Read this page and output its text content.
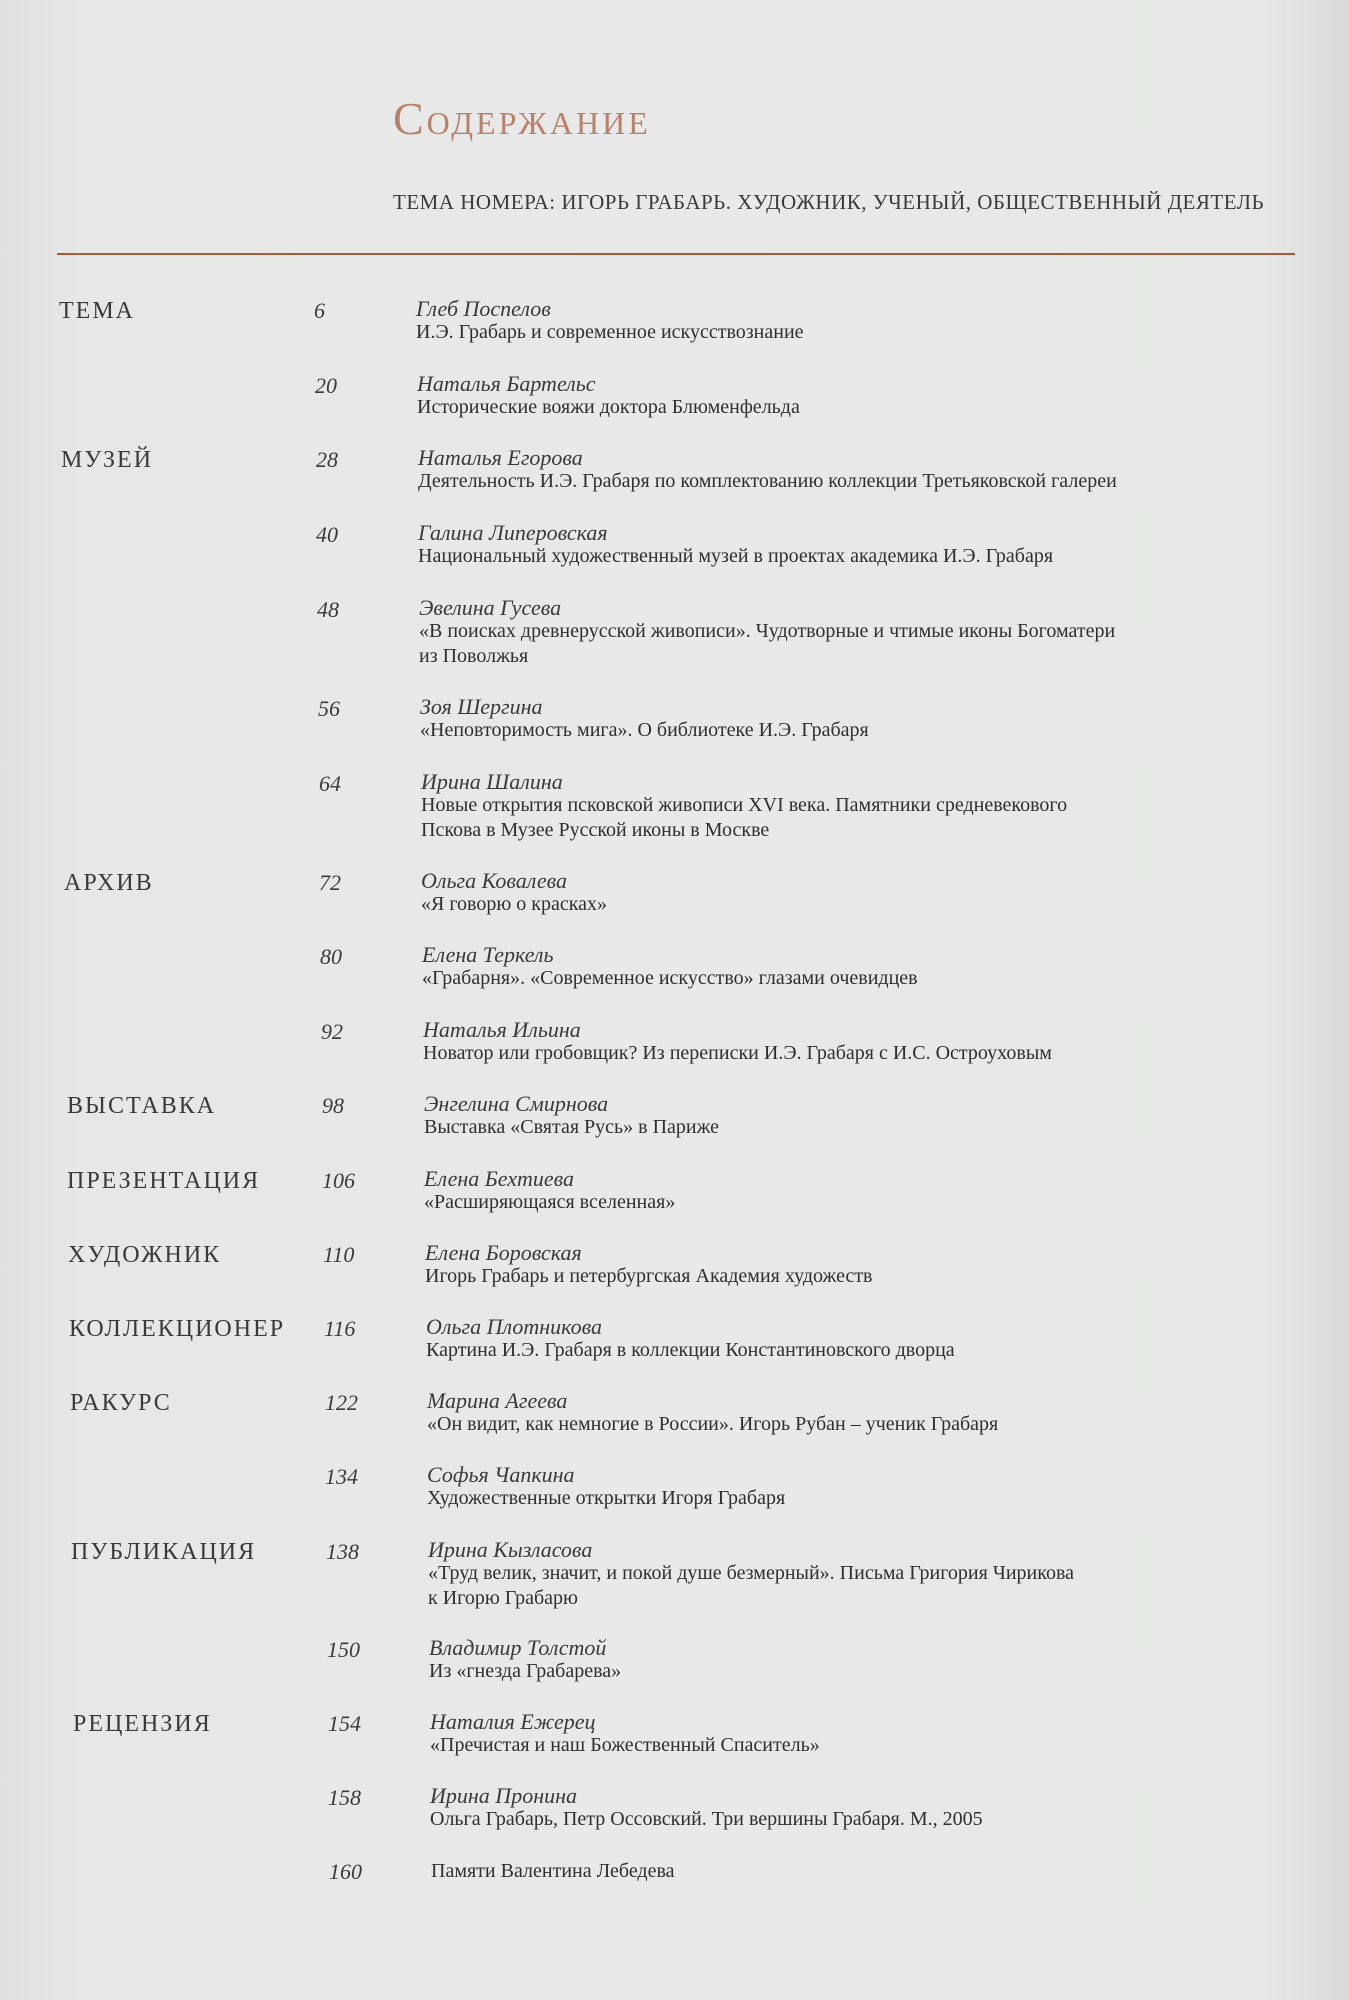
Содержание
ТЕМА НОМЕРА: ИГОРЬ ГРАБАРЬ. ХУДОЖНИК, УЧЕНЫЙ, ОБЩЕСТВЕННЫЙ ДЕЯТЕЛЬ
ТЕМА	6	Глеб Поспелов
И.Э. Грабарь и современное искусствознание
20	Наталья Бартельс
Исторические вояжи доктора Блюменфельда
МУЗЕЙ	28	Наталья Егорова
Деятельность И.Э. Грабаря по комплектованию коллекции Третьяковской галереи
40	Галина Липеровская
Национальный художественный музей в проектах академика И.Э. Грабаря
48	Эвелина Гусева
«В поисках древнерусской живописи». Чудотворные и чтимые иконы Богоматери
из Поволжья
56	Зоя Шергина
«Неповторимость мига». О библиотеке И.Э. Грабаря
64	Ирина Шалина
Новые открытия псковской живописи XVI века. Памятники средневекового
Пскова в Музее Русской иконы в Москве
АРХИВ	72	Ольга Ковалева
«Я говорю о красках»
80	Елена Теркель
«Грабарня». «Современное искусство» глазами очевидцев
92	Наталья Ильина
Новатор или гробовщик? Из переписки И.Э. Грабаря с И.С. Остроуховым
ВЫСТАВКА	98	Энгелина Смирнова
Выставка «Святая Русь» в Париже
ПРЕЗЕНТАЦИЯ	106	Елена Бехтиева
«Расширяющаяся вселенная»
ХУДОЖНИК	110	Елена Боровская
Игорь Грабарь и петербургская Академия художеств
КОЛЛЕКЦИОНЕР 116	Ольга Плотникова
Картина И.Э. Грабаря в коллекции Константиновского дворца
РАКУРС	122	Марина Агеева
«Он видит, как немногие в России». Игорь Рубан – ученик Грабаря
134	Софья Чапкина
Художественные открытки Игоря Грабаря
ПУБЛИКАЦИЯ	138	Ирина Кызласова
«Труд велик, значит, и покой душе безмерный». Письма Григория Чирикова
к Игорю Грабарю
150	Владимир Толстой
Из «гнезда Грабарева»
РЕЦЕНЗИЯ	154	Наталия Ежерец
«Пречистая и наш Божественный Спаситель»
158	Ирина Пронина
Ольга Грабарь, Петр Оссовский. Три вершины Грабаря. М., 2005
160	Памяти Валентина Лебедева
